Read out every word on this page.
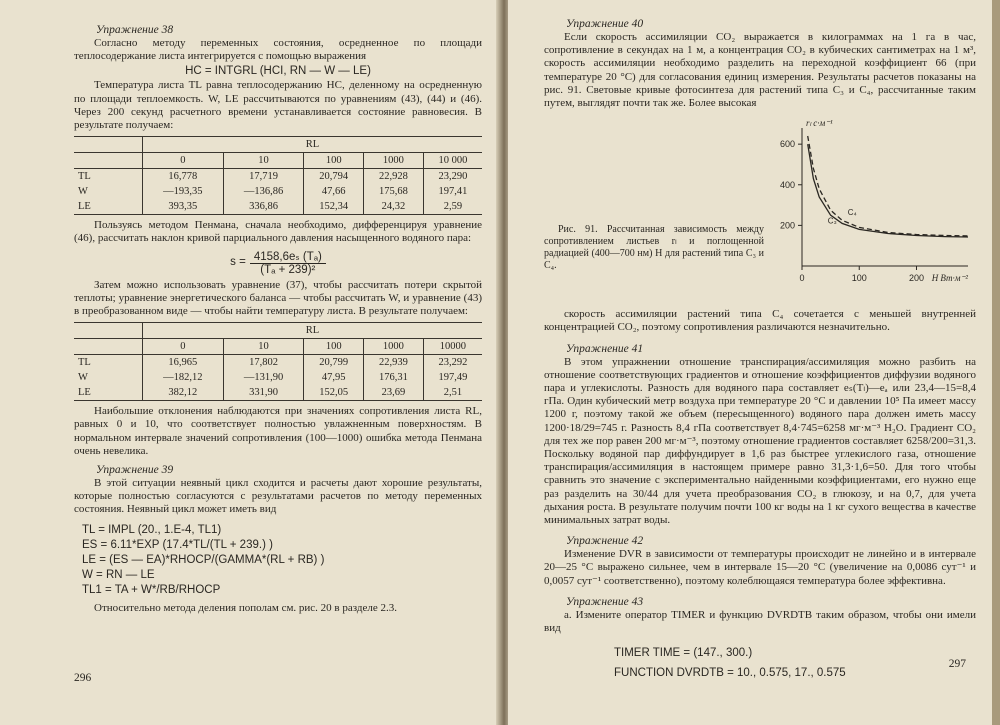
Упражнение 38

Согласно методу переменных состояния, осредненное по площади теплосодержание листа интегрируется с помощью выражения

HC = INTGRL (HCI, RN — W — LE)

Температура листа TL равна теплосодержанию HC, деленному на осредненную по площади теплоемкость. W, LE рассчитываются по уравнениям (43), (44) и (46). Через 200 секунд расчетного времени устанавливается состояние равновесия. В результате получаем:

	RL				
	0	10	100	1000	10 000
TL	16,778	17,719	20,794	22,928	23,290
W	—193,35	—136,86	47,66	175,68	197,41
LE	393,35	336,86	152,34	24,32	2,59

Пользуясь методом Пенмана, сначала необходимо, дифференцируя уравнение (46), рассчитать наклон кривой парциального давления насыщенного водяного пара:

$s = \frac{\text{4158,6eₛ (Tₐ)}}{\text{(Tₐ + 239)²}}$

Затем можно использовать уравнение (37), чтобы рассчитать потери скрытой теплоты; уравнение энергетического баланса — чтобы рассчитать W, и уравнение (43) в преобразованном виде — чтобы найти температуру листа. В результате получаем:

	RL				
	0	10	100	1000	10000
TL	16,965	17,802	20,799	22,939	23,292
W	—182,12	—131,90	47,95	176,31	197,49
LE	382,12	331,90	152,05	23,69	2,51

Наибольшие отклонения наблюдаются при значениях сопротивления листа RL, равных 0 и 10, что соответствует полностью увлажненным поверхностям. В нормальном интервале значений сопротивления (100—1000) ошибка метода Пенмана очень невелика.

Упражнение 39

В этой ситуации неявный цикл сходится и расчеты дают хорошие результаты, которые полностью согласуются с результатами расчетов по методу переменных состояния. Неявный цикл может иметь вид

TL = IMPL (20., 1.E-4, TL1)
ES = 6.11*EXP (17.4*TL/(TL + 239.) )
LE = (ES — EA)*RHOCP/(GAMMA*(RL + RB) )
W = RN — LE
TL1 = TA + W*/RB/RHOCP

Относительно метода деления пополам см. рис. 20 в разделе 2.3.

296
Упражнение 40

Если скорость ассимиляции CO₂ выражается в килограммах на 1 га в час, сопротивление в секундах на 1 м, а концентрация CO₂ в кубических сантиметрах на 1 м³, скорость ассимиляции необходимо разделить на переходной коэффициент 66 (при температуре 20 °C) для согласования единиц измерения. Результаты расчетов показаны на рис. 91. Световые кривые фотосинтеза для растений типа C₃ и C₄, рассчитанные таким путем, выглядят почти так же. Более высокая

Рис. 91. Рассчитанная зависимость между сопротивлением листьев rₗ и поглощенной радиацией (400—700 нм) H для растений типа C₃ и C₄.
200
400
600
0	100	200
rₗ с·м⁻¹
H Вт·м⁻²
C₃
C₄

скорость ассимиляции растений типа C₄ сочетается с меньшей внутренней концентрацией CO₂, поэтому сопротивления различаются незначительно.

Упражнение 41

В этом упражнении отношение транспирация/ассимиляция можно разбить на отношение соответствующих градиентов и отношение коэффициентов диффузии водяного пара и углекислоты. Разность для водяного пара составляет eₛ(Tₗ)—eₐ или 23,4—15=8,4 гПа. Один кубический метр воздуха при температуре 20 °C и давлении 10⁵ Па имеет массу 1200 г, поэтому такой же объем (пересыщенного) водяного пара должен иметь массу 1200·18/29=745 г. Разность 8,4 гПа соответствует 8,4·745=6258 мг·м⁻³ H₂O. Градиент CO₂ для тех же пор равен 200 мг·м⁻³, поэтому отношение градиентов составляет 6258/200=31,3. Поскольку водяной пар диффундирует в 1,6 раз быстрее углекислого газа, отношение транспирация/ассимиляция в настоящем примере равно 31,3·1,6=50. Для того чтобы сравнить это значение с экспериментально найденными коэффициентами, его нужно еще раз разделить на 30/44 для учета преобразования CO₂ в глюкозу, и на 0,7, для учета дыхания роста. В результате получим почти 100 кг воды на 1 кг сухого вещества в качестве минимальных затрат воды.

Упражнение 42

Изменение DVR в зависимости от температуры происходит не линейно и в интервале 20—25 °C выражено сильнее, чем в интервале 15—20 °C (увеличение на 0,0086 сут⁻¹ и 0,0057 сут⁻¹ соответственно), поэтому колеблющаяся температура более эффективна.

Упражнение 43

а. Измените оператор TIMER и функцию DVRDTB таким образом, чтобы они имели вид

TIMER TIME = (147., 300.)
FUNCTION DVRDTB = 10., 0.575, 17., 0.575
297
